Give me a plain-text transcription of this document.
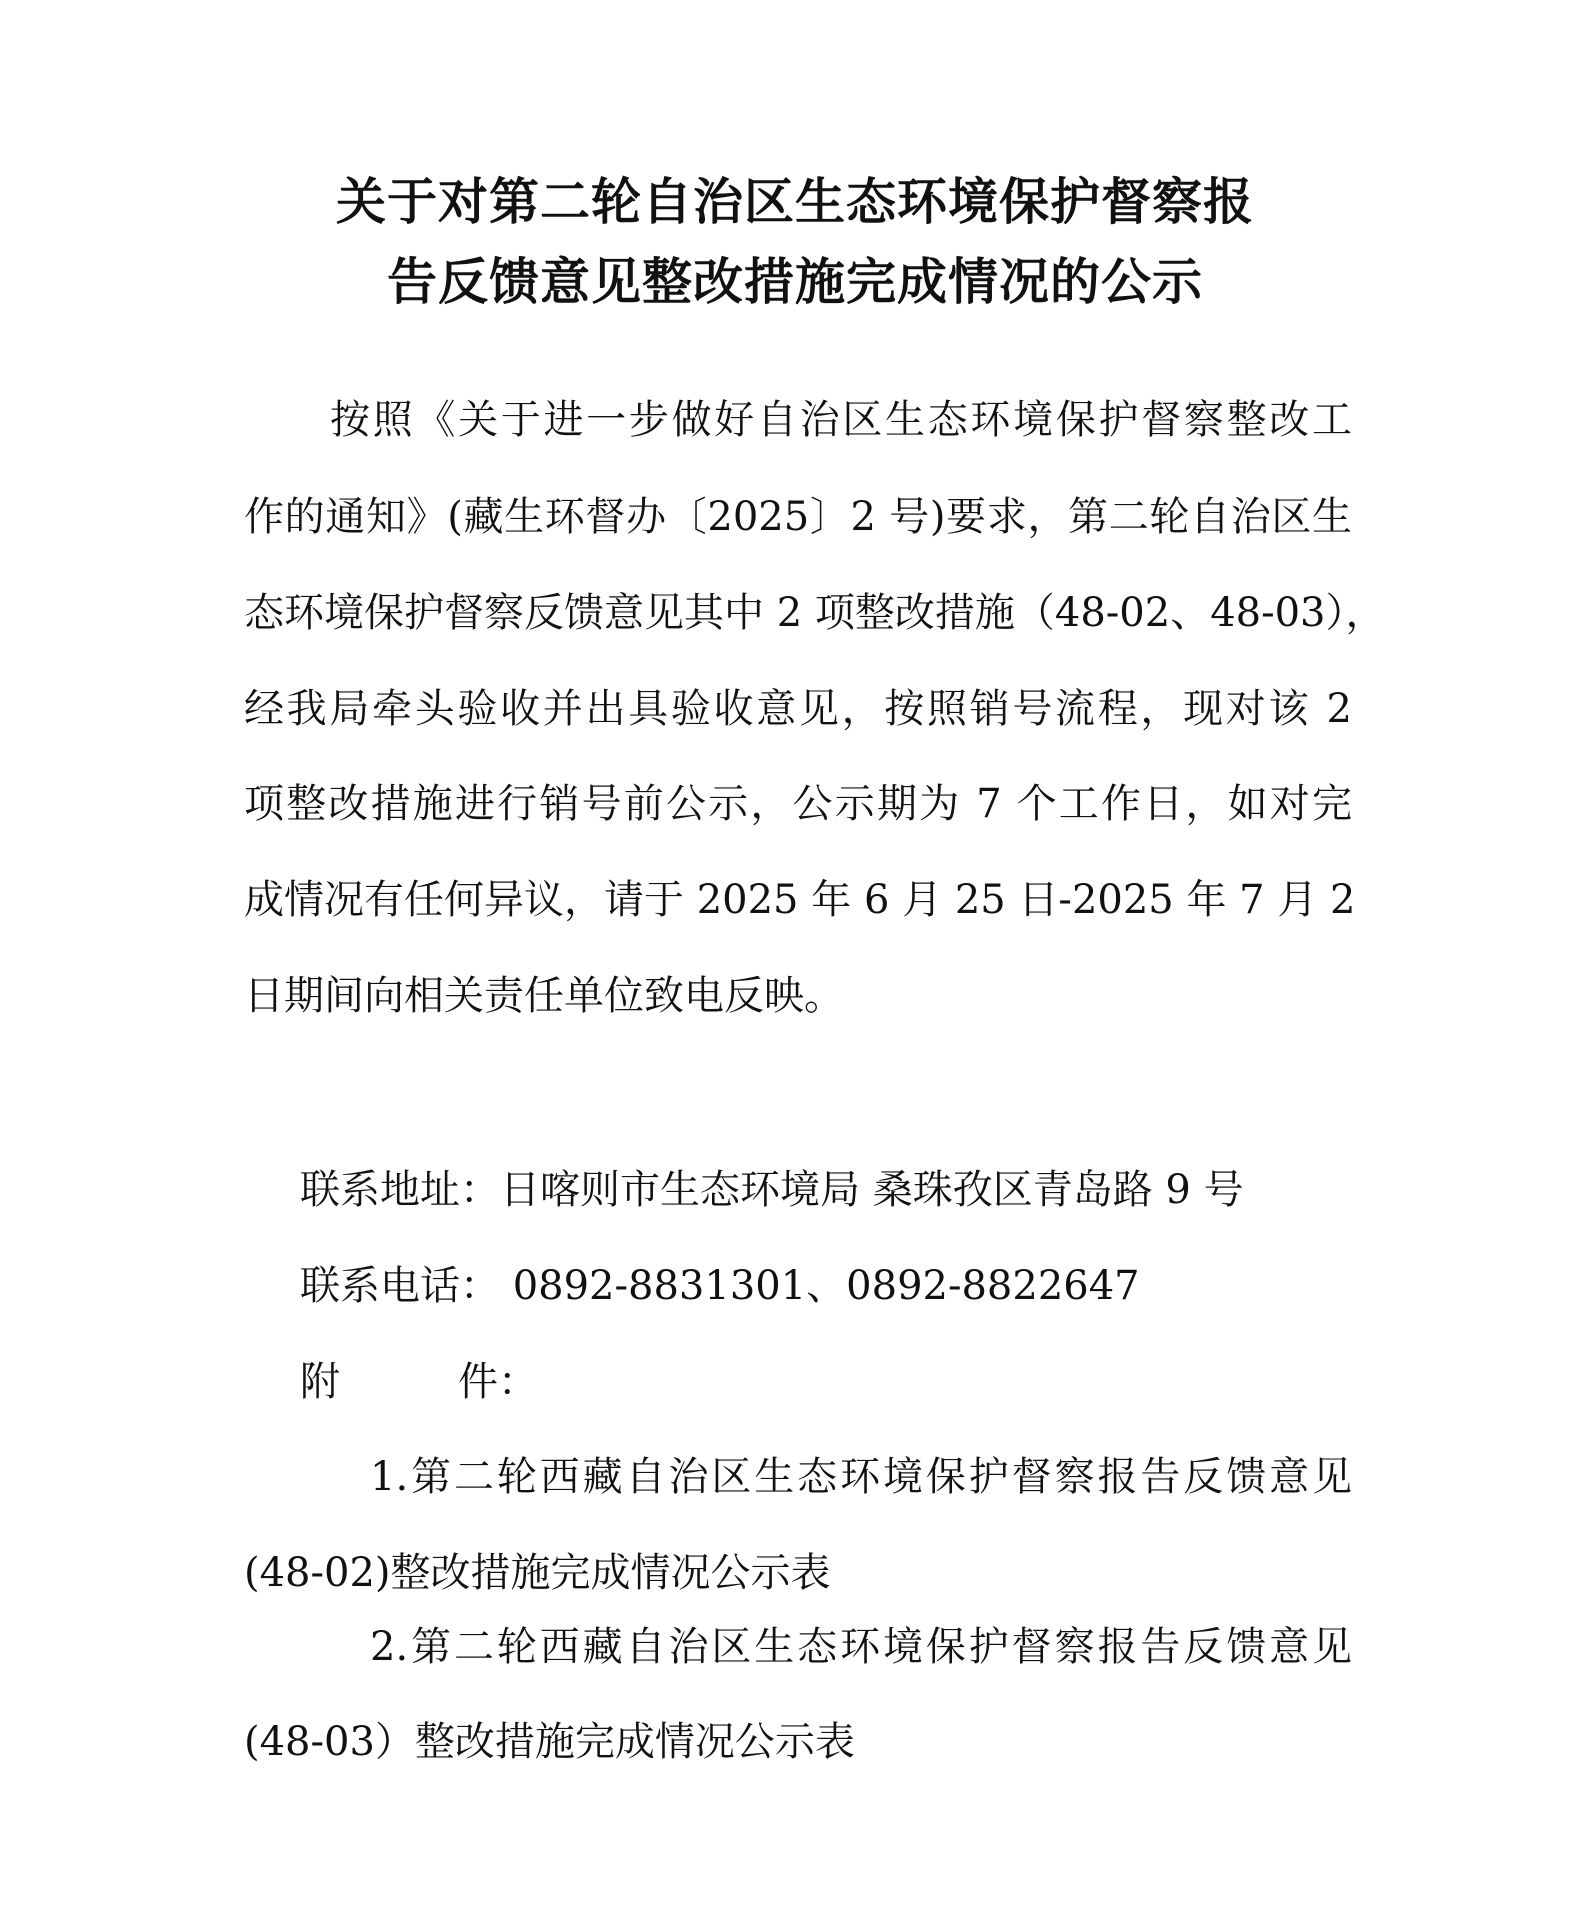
关于对第二轮自治区生态环境保护督察报
告反馈意见整改措施完成情况的公示
按照《关于进一步做好自治区生态环境保护督察整改工
作的通知》(藏生环督办〔2025〕2 号)要求，第二轮自治区生
态环境保护督察反馈意见其中 2 项整改措施（48-02、48-03），
经我局牵头验收并出具验收意见，按照销号流程，现对该 2
项整改措施进行销号前公示，公示期为 7 个工作日，如对完
成情况有任何异议，请于 2025 年 6 月 25 日-2025 年 7 月 2
日期间向相关责任单位致电反映。
联系地址：日喀则市生态环境局 桑珠孜区青岛路 9 号
联系电话： 0892-8831301、0892-8822647
附	件：
1.第二轮西藏自治区生态环境保护督察报告反馈意见
(48-02)整改措施完成情况公示表
2.第二轮西藏自治区生态环境保护督察报告反馈意见
(48-03）整改措施完成情况公示表
